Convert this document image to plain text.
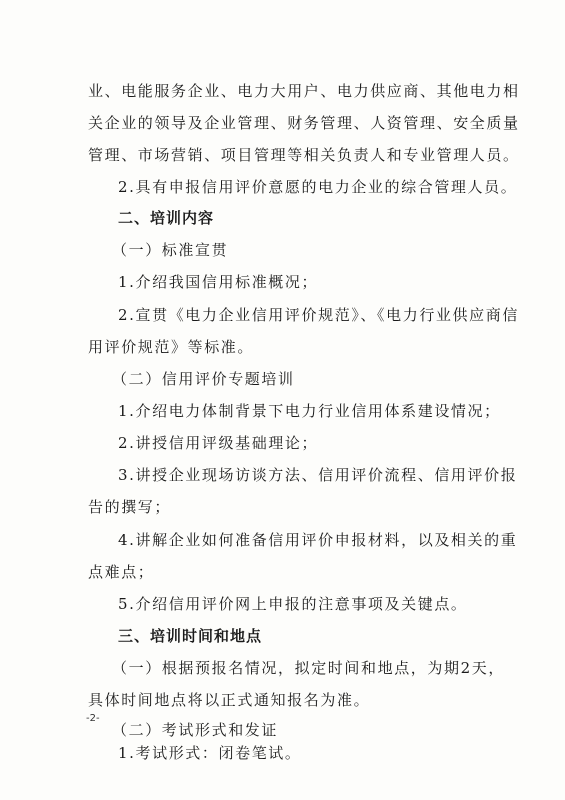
业、电能服务企业、电力大用户、电力供应商、其他电力相
关企业的领导及企业管理、财务管理、人资管理、安全质量
管理、市场营销、项目管理等相关负责人和专业管理人员。
2.具有申报信用评价意愿的电力企业的综合管理人员。
二、培训内容
（一）标准宣贯
1.介绍我国信用标准概况；
2.宣贯《电力企业信用评价规范》、《电力行业供应商信
用评价规范》等标准。
（二）信用评价专题培训
1.介绍电力体制背景下电力行业信用体系建设情况；
2.讲授信用评级基础理论；
3.讲授企业现场访谈方法、信用评价流程、信用评价报
告的撰写；
4.讲解企业如何准备信用评价申报材料，以及相关的重
点难点；
5.介绍信用评价网上申报的注意事项及关键点。
三、培训时间和地点
（一）根据预报名情况，拟定时间和地点，为期2天，
具体时间地点将以正式通知报名为准。
（二）考试形式和发证
1.考试形式：闭卷笔试。
-2-
